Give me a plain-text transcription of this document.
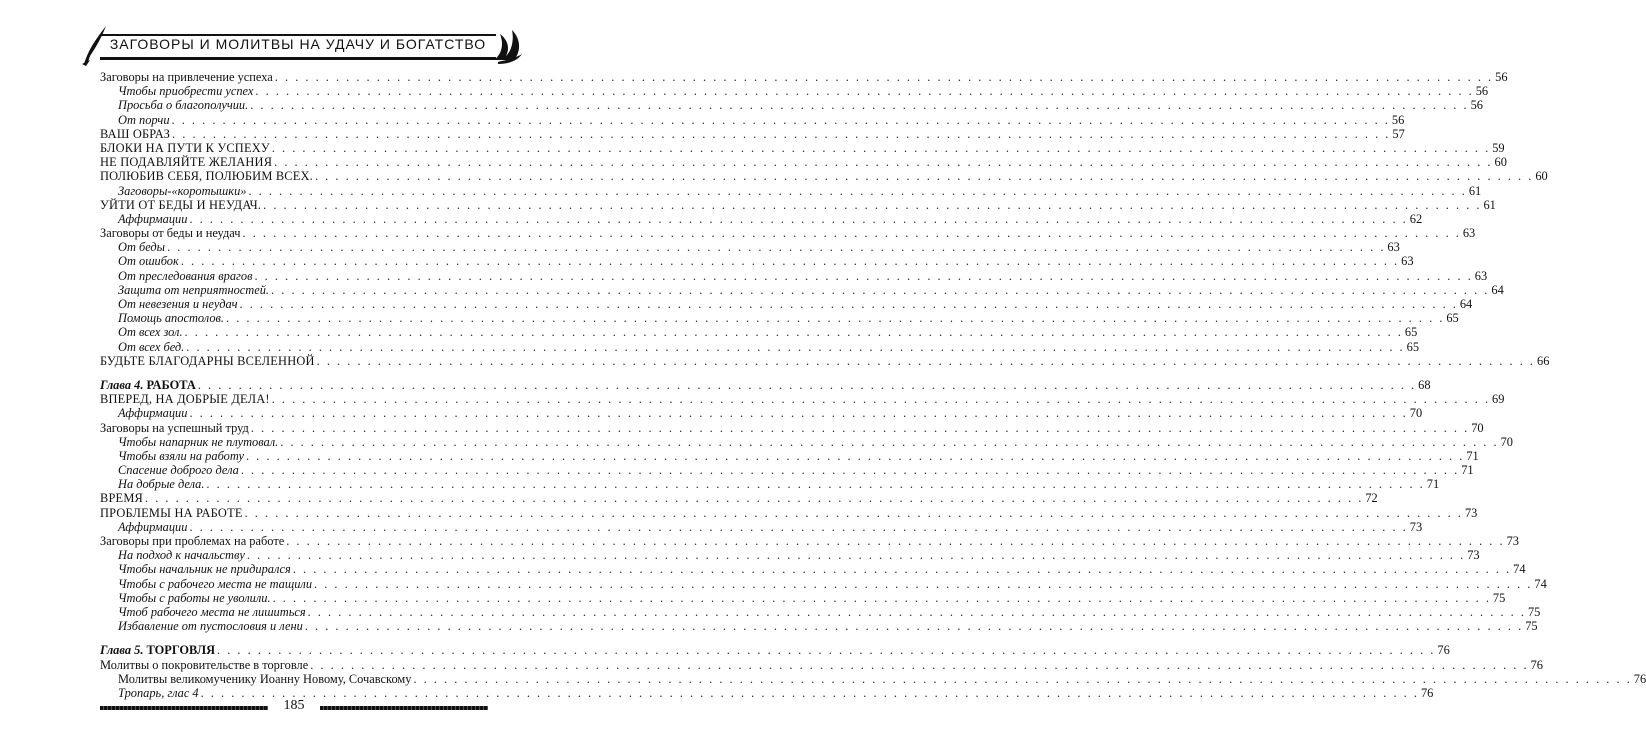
ЗАГОВОРЫ И МОЛИТВЫ НА УДАЧУ И БОГАТСТВО
Заговоры на привлечение успеха . . . . . . . . . . . . . . . . . . . . . . . . . . . . . . . . . . . . . . . . . . . . . . . . . . . . . . . . . . . . . . . . . . . . . . . . . . . . . . . . . . . . . . . . . . . . . . . . . . . . . . . . . . . . . . . . . . . . . . . . 56
Чтобы приобрести успех . . . . . . . . . . . . . . . . . . . . . . . . . . . . . . . . . . . . . . . . . . . . . . . . . . . . . . . . . . . . . . . . . . . . . . . . . . . . . . . . . . . . . . . . . . . . . . . . . . . . . . . . . . . . . . . . . . . . . . . . 56
Просьба о благополучии. . . . . . . . . . . . . . . . . . . . . . . . . . . . . . . . . . . . . . . . . . . . . . . . . . . . . . . . . . . . . . . . . . . . . . . . . . . . . . . . . . . . . . . . . . . . . . . . . . . . . . . . . . . . . . . . . . . . . . . . . 56
От порчи . . . . . . . . . . . . . . . . . . . . . . . . . . . . . . . . . . . . . . . . . . . . . . . . . . . . . . . . . . . . . . . . . . . . . . . . . . . . . . . . . . . . . . . . . . . . . . . . . . . . . . . . . . . . . . . . . . . . . . . . 56
ВАШ ОБРАЗ . . . . . . . . . . . . . . . . . . . . . . . . . . . . . . . . . . . . . . . . . . . . . . . . . . . . . . . . . . . . . . . . . . . . . . . . . . . . . . . . . . . . . . . . . . . . . . . . . . . . . . . . . . . . . . . . . . . . . . . . 57
БЛОКИ НА ПУТИ К УСПЕХУ . . . . . . . . . . . . . . . . . . . . . . . . . . . . . . . . . . . . . . . . . . . . . . . . . . . . . . . . . . . . . . . . . . . . . . . . . . . . . . . . . . . . . . . . . . . . . . . . . . . . . . . . . . . . . . . . . . . . . . . . 59
НЕ ПОДАВЛЯЙТЕ ЖЕЛАНИЯ . . . . . . . . . . . . . . . . . . . . . . . . . . . . . . . . . . . . . . . . . . . . . . . . . . . . . . . . . . . . . . . . . . . . . . . . . . . . . . . . . . . . . . . . . . . . . . . . . . . . . . . . . . . . . . . . . . . . . . . . 60
ПОЛЮБИВ СЕБЯ, ПОЛЮБИМ ВСЕХ. . . . . . . . . . . . . . . . . . . . . . . . . . . . . . . . . . . . . . . . . . . . . . . . . . . . . . . . . . . . . . . . . . . . . . . . . . . . . . . . . . . . . . . . . . . . . . . . . . . . . . . . . . . . . . . . . . . . . . . . . 60
Заговоры-«коротышки» . . . . . . . . . . . . . . . . . . . . . . . . . . . . . . . . . . . . . . . . . . . . . . . . . . . . . . . . . . . . . . . . . . . . . . . . . . . . . . . . . . . . . . . . . . . . . . . . . . . . . . . . . . . . . . . . . . . . . . . . 61
УЙТИ ОТ БЕДЫ И НЕУДАЧ. . . . . . . . . . . . . . . . . . . . . . . . . . . . . . . . . . . . . . . . . . . . . . . . . . . . . . . . . . . . . . . . . . . . . . . . . . . . . . . . . . . . . . . . . . . . . . . . . . . . . . . . . . . . . . . . . . . . . . . . . 61
Аффирмации . . . . . . . . . . . . . . . . . . . . . . . . . . . . . . . . . . . . . . . . . . . . . . . . . . . . . . . . . . . . . . . . . . . . . . . . . . . . . . . . . . . . . . . . . . . . . . . . . . . . . . . . . . . . . . . . . . . . . . . . 62
Заговоры от беды и неудач . . . . . . . . . . . . . . . . . . . . . . . . . . . . . . . . . . . . . . . . . . . . . . . . . . . . . . . . . . . . . . . . . . . . . . . . . . . . . . . . . . . . . . . . . . . . . . . . . . . . . . . . . . . . . . . . . . . . . . . . 63
От беды . . . . . . . . . . . . . . . . . . . . . . . . . . . . . . . . . . . . . . . . . . . . . . . . . . . . . . . . . . . . . . . . . . . . . . . . . . . . . . . . . . . . . . . . . . . . . . . . . . . . . . . . . . . . . . . . . . . . . . . . 63
От ошибок . . . . . . . . . . . . . . . . . . . . . . . . . . . . . . . . . . . . . . . . . . . . . . . . . . . . . . . . . . . . . . . . . . . . . . . . . . . . . . . . . . . . . . . . . . . . . . . . . . . . . . . . . . . . . . . . . . . . . . . . 63
От преследования врагов . . . . . . . . . . . . . . . . . . . . . . . . . . . . . . . . . . . . . . . . . . . . . . . . . . . . . . . . . . . . . . . . . . . . . . . . . . . . . . . . . . . . . . . . . . . . . . . . . . . . . . . . . . . . . . . . . . . . . . . . 63
Защита от неприятностей. . . . . . . . . . . . . . . . . . . . . . . . . . . . . . . . . . . . . . . . . . . . . . . . . . . . . . . . . . . . . . . . . . . . . . . . . . . . . . . . . . . . . . . . . . . . . . . . . . . . . . . . . . . . . . . . . . . . . . . . . 64
От невезения и неудач . . . . . . . . . . . . . . . . . . . . . . . . . . . . . . . . . . . . . . . . . . . . . . . . . . . . . . . . . . . . . . . . . . . . . . . . . . . . . . . . . . . . . . . . . . . . . . . . . . . . . . . . . . . . . . . . . . . . . . . . 64
Помощь апостолов. . . . . . . . . . . . . . . . . . . . . . . . . . . . . . . . . . . . . . . . . . . . . . . . . . . . . . . . . . . . . . . . . . . . . . . . . . . . . . . . . . . . . . . . . . . . . . . . . . . . . . . . . . . . . . . . . . . . . . . . . 65
От всех зол. . . . . . . . . . . . . . . . . . . . . . . . . . . . . . . . . . . . . . . . . . . . . . . . . . . . . . . . . . . . . . . . . . . . . . . . . . . . . . . . . . . . . . . . . . . . . . . . . . . . . . . . . . . . . . . . . . . . . . . . . 65
От всех бед. . . . . . . . . . . . . . . . . . . . . . . . . . . . . . . . . . . . . . . . . . . . . . . . . . . . . . . . . . . . . . . . . . . . . . . . . . . . . . . . . . . . . . . . . . . . . . . . . . . . . . . . . . . . . . . . . . . . . . . . . 65
БУДЬТЕ БЛАГОДАРНЫ ВСЕЛЕННОЙ . . . . . . . . . . . . . . . . . . . . . . . . . . . . . . . . . . . . . . . . . . . . . . . . . . . . . . . . . . . . . . . . . . . . . . . . . . . . . . . . . . . . . . . . . . . . . . . . . . . . . . . . . . . . . . . . . . . . . . . . 66
Глава 4. РАБОТА . . . . . . . . . . . . . . . . . . . . . . . . . . . . . . . . . . . . . . . . . . . . . . . . . . . . . . . . . . . . . . . . . . . . . . . . . . . . . . . . . . . . . . . . . . . . . . . . . . . . . . . . . . . . . . . . . . . . . . . . 68
ВПЕРЕД, НА ДОБРЫЕ ДЕЛА! . . . . . . . . . . . . . . . . . . . . . . . . . . . . . . . . . . . . . . . . . . . . . . . . . . . . . . . . . . . . . . . . . . . . . . . . . . . . . . . . . . . . . . . . . . . . . . . . . . . . . . . . . . . . . . . . . . . . . . . . 69
Аффирмации . . . . . . . . . . . . . . . . . . . . . . . . . . . . . . . . . . . . . . . . . . . . . . . . . . . . . . . . . . . . . . . . . . . . . . . . . . . . . . . . . . . . . . . . . . . . . . . . . . . . . . . . . . . . . . . . . . . . . . . . 70
Заговоры на успешный труд . . . . . . . . . . . . . . . . . . . . . . . . . . . . . . . . . . . . . . . . . . . . . . . . . . . . . . . . . . . . . . . . . . . . . . . . . . . . . . . . . . . . . . . . . . . . . . . . . . . . . . . . . . . . . . . . . . . . . . . . 70
Чтобы напарник не плутовал. . . . . . . . . . . . . . . . . . . . . . . . . . . . . . . . . . . . . . . . . . . . . . . . . . . . . . . . . . . . . . . . . . . . . . . . . . . . . . . . . . . . . . . . . . . . . . . . . . . . . . . . . . . . . . . . . . . . . . . . . 70
Чтобы взяли на работу . . . . . . . . . . . . . . . . . . . . . . . . . . . . . . . . . . . . . . . . . . . . . . . . . . . . . . . . . . . . . . . . . . . . . . . . . . . . . . . . . . . . . . . . . . . . . . . . . . . . . . . . . . . . . . . . . . . . . . . . 71
Спасение доброго дела . . . . . . . . . . . . . . . . . . . . . . . . . . . . . . . . . . . . . . . . . . . . . . . . . . . . . . . . . . . . . . . . . . . . . . . . . . . . . . . . . . . . . . . . . . . . . . . . . . . . . . . . . . . . . . . . . . . . . . . . 71
На добрые дела. . . . . . . . . . . . . . . . . . . . . . . . . . . . . . . . . . . . . . . . . . . . . . . . . . . . . . . . . . . . . . . . . . . . . . . . . . . . . . . . . . . . . . . . . . . . . . . . . . . . . . . . . . . . . . . . . . . . . . . . . 71
ВРЕМЯ . . . . . . . . . . . . . . . . . . . . . . . . . . . . . . . . . . . . . . . . . . . . . . . . . . . . . . . . . . . . . . . . . . . . . . . . . . . . . . . . . . . . . . . . . . . . . . . . . . . . . . . . . . . . . . . . . . . . . . . . 72
ПРОБЛЕМЫ НА РАБОТЕ . . . . . . . . . . . . . . . . . . . . . . . . . . . . . . . . . . . . . . . . . . . . . . . . . . . . . . . . . . . . . . . . . . . . . . . . . . . . . . . . . . . . . . . . . . . . . . . . . . . . . . . . . . . . . . . . . . . . . . . . 73
Аффирмации . . . . . . . . . . . . . . . . . . . . . . . . . . . . . . . . . . . . . . . . . . . . . . . . . . . . . . . . . . . . . . . . . . . . . . . . . . . . . . . . . . . . . . . . . . . . . . . . . . . . . . . . . . . . . . . . . . . . . . . . 73
Заговоры при проблемах на работе . . . . . . . . . . . . . . . . . . . . . . . . . . . . . . . . . . . . . . . . . . . . . . . . . . . . . . . . . . . . . . . . . . . . . . . . . . . . . . . . . . . . . . . . . . . . . . . . . . . . . . . . . . . . . . . . . . . . . . . . 73
На подход к начальству . . . . . . . . . . . . . . . . . . . . . . . . . . . . . . . . . . . . . . . . . . . . . . . . . . . . . . . . . . . . . . . . . . . . . . . . . . . . . . . . . . . . . . . . . . . . . . . . . . . . . . . . . . . . . . . . . . . . . . . . 73
Чтобы начальник не придирался . . . . . . . . . . . . . . . . . . . . . . . . . . . . . . . . . . . . . . . . . . . . . . . . . . . . . . . . . . . . . . . . . . . . . . . . . . . . . . . . . . . . . . . . . . . . . . . . . . . . . . . . . . . . . . . . . . . . . . . . 74
Чтобы с рабочего места не тащили . . . . . . . . . . . . . . . . . . . . . . . . . . . . . . . . . . . . . . . . . . . . . . . . . . . . . . . . . . . . . . . . . . . . . . . . . . . . . . . . . . . . . . . . . . . . . . . . . . . . . . . . . . . . . . . . . . . . . . . . 74
Чтобы с работы не уволили. . . . . . . . . . . . . . . . . . . . . . . . . . . . . . . . . . . . . . . . . . . . . . . . . . . . . . . . . . . . . . . . . . . . . . . . . . . . . . . . . . . . . . . . . . . . . . . . . . . . . . . . . . . . . . . . . . . . . . . . . 75
Чтоб рабочего места не лишиться . . . . . . . . . . . . . . . . . . . . . . . . . . . . . . . . . . . . . . . . . . . . . . . . . . . . . . . . . . . . . . . . . . . . . . . . . . . . . . . . . . . . . . . . . . . . . . . . . . . . . . . . . . . . . . . . . . . . . . . . 75
Избавление от пустословия и лени . . . . . . . . . . . . . . . . . . . . . . . . . . . . . . . . . . . . . . . . . . . . . . . . . . . . . . . . . . . . . . . . . . . . . . . . . . . . . . . . . . . . . . . . . . . . . . . . . . . . . . . . . . . . . . . . . . . . . . . . 75
Глава 5. ТОРГОВЛЯ . . . . . . . . . . . . . . . . . . . . . . . . . . . . . . . . . . . . . . . . . . . . . . . . . . . . . . . . . . . . . . . . . . . . . . . . . . . . . . . . . . . . . . . . . . . . . . . . . . . . . . . . . . . . . . . . . . . . . . . . 76
Молитвы о покровительстве в торговле . . . . . . . . . . . . . . . . . . . . . . . . . . . . . . . . . . . . . . . . . . . . . . . . . . . . . . . . . . . . . . . . . . . . . . . . . . . . . . . . . . . . . . . . . . . . . . . . . . . . . . . . . . . . . . . . . . . . . . . . 76
Молитвы великомученику Иоанну Новому, Сочавскому . . . . . . . . . . . . . . . . . . . . . . . . . . . . . . . . . . . . . . . . . . . . . . . . . . . . . . . . . . . . . . . . . . . . . . . . . . . . . . . . . . . . . . . . . . . . . . . . . . . . . . . . . . . . . . . . . . . . . . . . 76
Тропарь, глас 4 . . . . . . . . . . . . . . . . . . . . . . . . . . . . . . . . . . . . . . . . . . . . . . . . . . . . . . . . . . . . . . . . . . . . . . . . . . . . . . . . . . . . . . . . . . . . . . . . . . . . . . . . . . . . . . . . . . . . . . . . 76
185
